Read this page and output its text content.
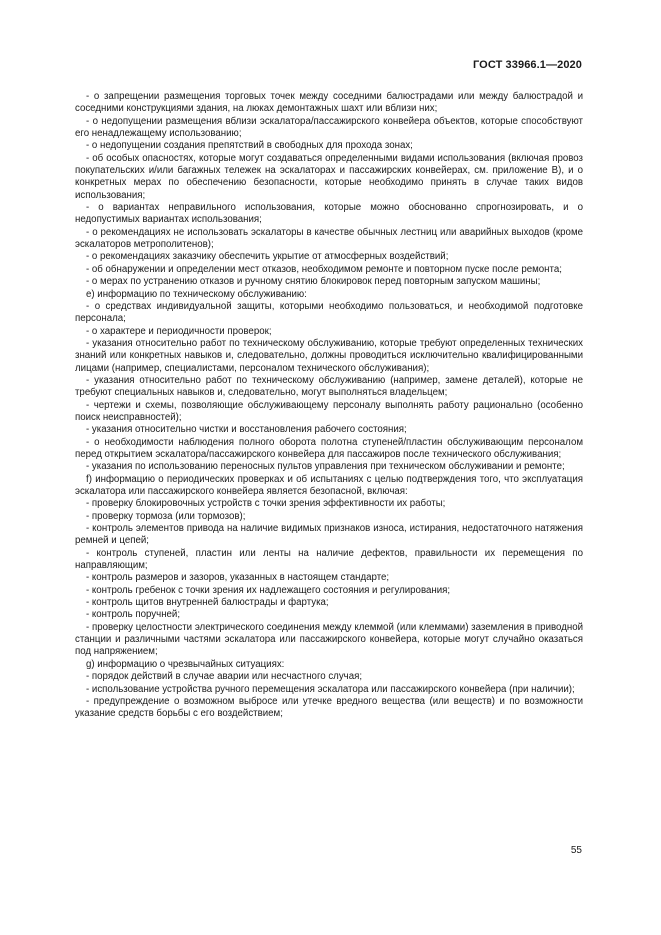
ГОСТ 33966.1—2020

- о запрещении размещения торговых точек между соседними балюстрадами или между балюстрадой и соседними конструкциями здания, на люках демонтажных шахт или вблизи них;

- о недопущении размещения вблизи эскалатора/пассажирского конвейера объектов, которые способствуют его ненадлежащему использованию;

- о недопущении создания препятствий в свободных для прохода зонах;

- об особых опасностях, которые могут создаваться определенными видами использования (включая провоз покупательских и/или багажных тележек на эскалаторах и пассажирских конвейерах, см. приложение В), и о конкретных мерах по обеспечению безопасности, которые необходимо принять в случае таких видов использования;

- о вариантах неправильного использования, которые можно обоснованно спрогнозировать, и о недопустимых вариантах использования;

- о рекомендациях не использовать эскалаторы в качестве обычных лестниц или аварийных выходов (кроме эскалаторов метрополитенов);

- о рекомендациях заказчику обеспечить укрытие от атмосферных воздействий;

- об обнаружении и определении мест отказов, необходимом ремонте и повторном пуске после ремонта;

- о мерах по устранению отказов и ручному снятию блокировок перед повторным запуском машины;

е) информацию по техническому обслуживанию:

- о средствах индивидуальной защиты, которыми необходимо пользоваться, и необходимой подготовке персонала;

- о характере и периодичности проверок;

- указания относительно работ по техническому обслуживанию, которые требуют определенных технических знаний или конкретных навыков и, следовательно, должны проводиться исключительно квалифицированными лицами (например, специалистами, персоналом технического обслуживания);

- указания относительно работ по техническому обслуживанию (например, замене деталей), которые не требуют специальных навыков и, следовательно, могут выполняться владельцем;

- чертежи и схемы, позволяющие обслуживающему персоналу выполнять работу рационально (особенно поиск неисправностей);

- указания относительно чистки и восстановления рабочего состояния;

- о необходимости наблюдения полного оборота полотна ступеней/пластин обслуживающим персоналом перед открытием эскалатора/пассажирского конвейера для пассажиров после технического обслуживания;

- указания по использованию переносных пультов управления при техническом обслуживании и ремонте;

f) информацию о периодических проверках и об испытаниях с целью подтверждения того, что эксплуатация эскалатора или пассажирского конвейера является безопасной, включая:

- проверку блокировочных устройств с точки зрения эффективности их работы;

- проверку тормоза (или тормозов);

- контроль элементов привода на наличие видимых признаков износа, истирания, недостаточного натяжения ремней и цепей;

- контроль ступеней, пластин или ленты на наличие дефектов, правильности их перемещения по направляющим;

- контроль размеров и зазоров, указанных в настоящем стандарте;

- контроль гребенок с точки зрения их надлежащего состояния и регулирования;

- контроль щитов внутренней балюстрады и фартука;

- контроль поручней;

- проверку целостности электрического соединения между клеммой (или клеммами) заземления в приводной станции и различными частями эскалатора или пассажирского конвейера, которые могут случайно оказаться под напряжением;

g) информацию о чрезвычайных ситуациях:

- порядок действий в случае аварии или несчастного случая;

- использование устройства ручного перемещения эскалатора или пассажирского конвейера (при наличии);

- предупреждение о возможном выбросе или утечке вредного вещества (или веществ) и по возможности указание средств борьбы с его воздействием;

55
